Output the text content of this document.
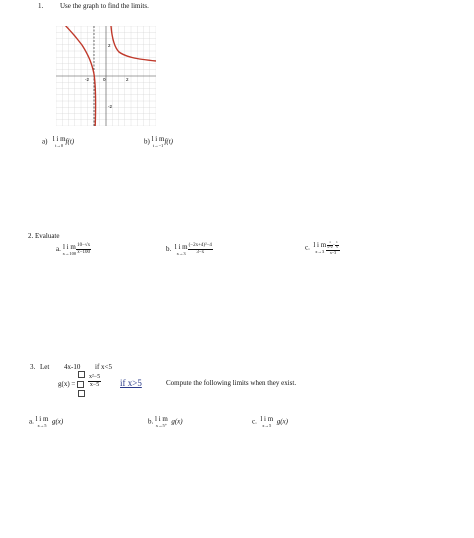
1. Use the graph to find the limits.
-2	0	2
2
-2
a) l i m
t→0 f(t)	b) l i m
t→−1 f(t)
2. Evaluate
a. l i m
$x\to 100 \frac{10-√x}{x-100}$	b. l i m
$x\to 3 \frac{\text{(−2x+4)²−4}}{3-x}$	c. l i m
$x\to 3 \frac{\frac{1}{x+2} - \frac{1}{5}}{x-3}$
3. Let 4x-10 if x<5
g(x) =	$\frac{\text{x²−5}}{x-5}$ if x>5	Compute the following limits when they exist.
a. l i m
x→5 g(x)	b. l i m
x→5⁺ g(x)	c. l i m
x→5 g(x)
